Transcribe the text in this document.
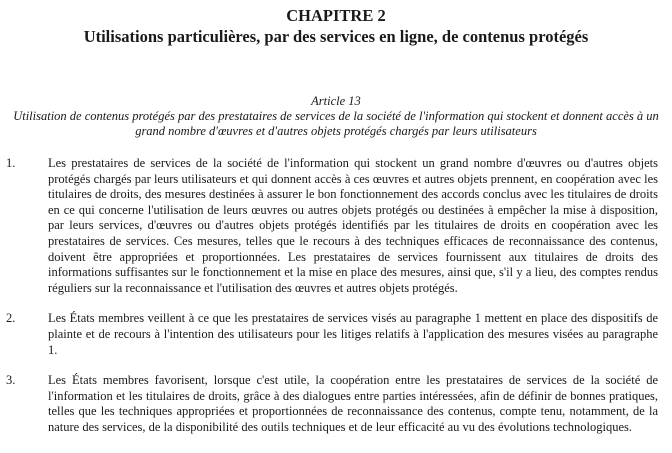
CHAPITRE 2
Utilisations particulières, par des services en ligne, de contenus protégés

Article 13

Utilisation de contenus protégés par des prestataires de services de la société de l'information qui stockent et donnent accès à un grand nombre d'œuvres et d'autres objets protégés chargés par leurs utilisateurs

1.	Les prestataires de services de la société de l'information qui stockent un grand nombre d'œuvres ou d'autres objets protégés chargés par leurs utilisateurs et qui donnent accès à ces œuvres et autres objets prennent, en coopération avec les titulaires de droits, des mesures destinées à assurer le bon fonctionnement des accords conclus avec les titulaires de droits en ce qui concerne l'utilisation de leurs œuvres ou autres objets protégés ou destinées à empêcher la mise à disposition, par leurs services, d'œuvres ou d'autres objets protégés identifiés par les titulaires de droits en coopération avec les prestataires de services. Ces mesures, telles que le recours à des techniques efficaces de reconnaissance des contenus, doivent être appropriées et proportionnées. Les prestataires de services fournissent aux titulaires de droits des informations suffisantes sur le fonctionnement et la mise en place des mesures, ainsi que, s'il y a lieu, des comptes rendus réguliers sur la reconnaissance et l'utilisation des œuvres et autres objets protégés.
2.	Les États membres veillent à ce que les prestataires de services visés au paragraphe 1 mettent en place des dispositifs de plainte et de recours à l'intention des utilisateurs pour les litiges relatifs à l'application des mesures visées au paragraphe 1.
3.	Les États membres favorisent, lorsque c'est utile, la coopération entre les prestataires de services de la société de l'information et les titulaires de droits, grâce à des dialogues entre parties intéressées, afin de définir de bonnes pratiques, telles que les techniques appropriées et proportionnées de reconnaissance des contenus, compte tenu, notamment, de la nature des services, de la disponibilité des outils techniques et de leur efficacité au vu des évolutions technologiques.
